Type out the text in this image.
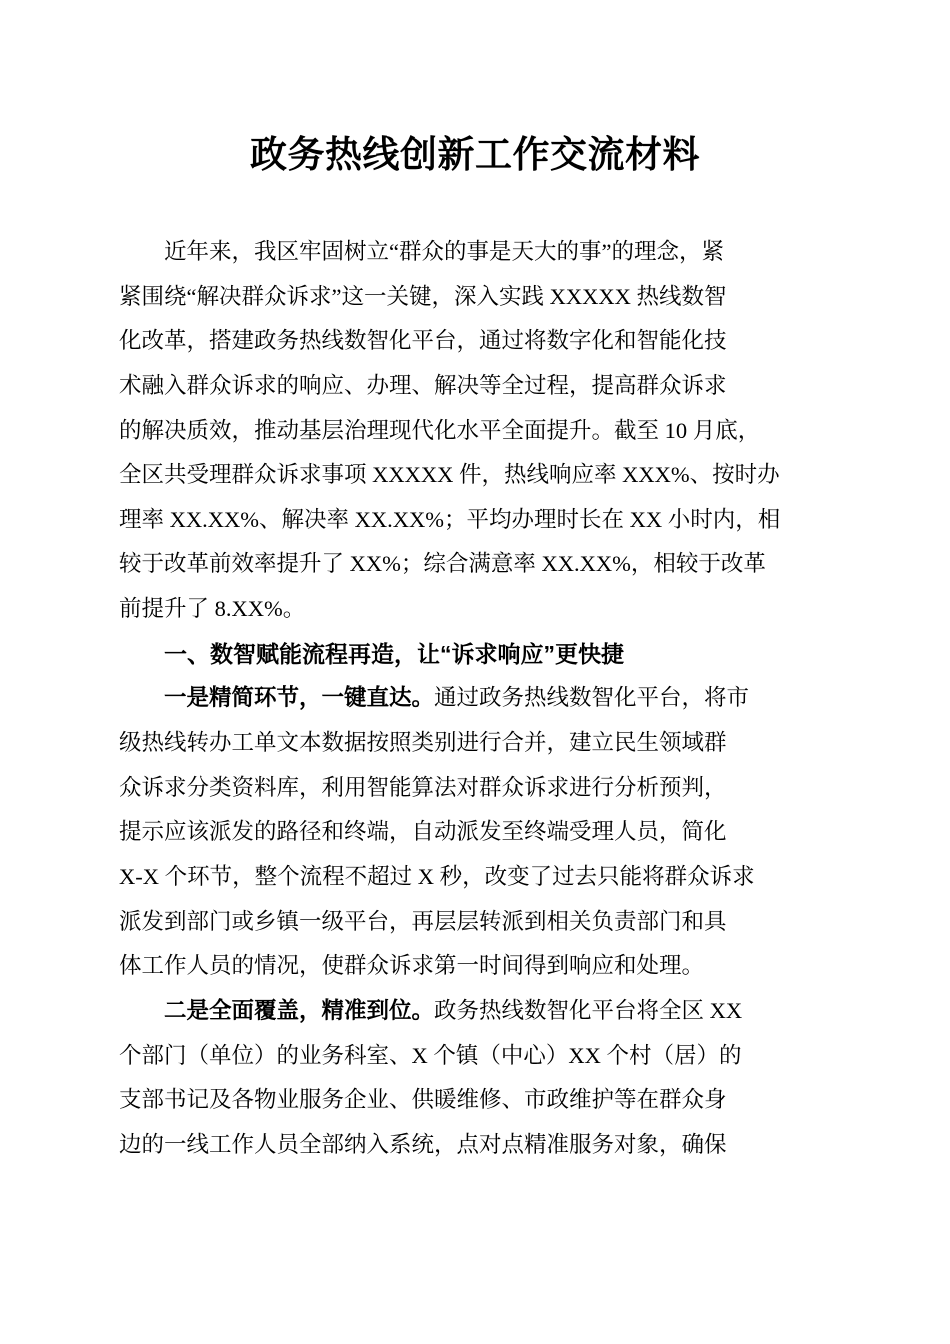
政务热线创新工作交流材料
近年来，我区牢固树立“群众的事是天大的事”的理念，紧
紧围绕“解决群众诉求”这一关键，深入实践 XXXXX 热线数智
化改革，搭建政务热线数智化平台，通过将数字化和智能化技
术融入群众诉求的响应、办理、解决等全过程，提高群众诉求
的解决质效，推动基层治理现代化水平全面提升。截至 10 月底，
全区共受理群众诉求事项 XXXXX 件，热线响应率 XXX%、按时办
理率 XX.XX%、解决率 XX.XX%；平均办理时长在 XX 小时内，相
较于改革前效率提升了 XX%；综合满意率 XX.XX%，相较于改革
前提升了 8.XX%。
一、数智赋能流程再造，让“诉求响应”更快捷
一是精简环节，一键直达。通过政务热线数智化平台，将市
级热线转办工单文本数据按照类别进行合并，建立民生领域群
众诉求分类资料库，利用智能算法对群众诉求进行分析预判，
提示应该派发的路径和终端，自动派发至终端受理人员，简化
X-X 个环节，整个流程不超过 X 秒，改变了过去只能将群众诉求
派发到部门或乡镇一级平台，再层层转派到相关负责部门和具
体工作人员的情况，使群众诉求第一时间得到响应和处理。
二是全面覆盖，精准到位。政务热线数智化平台将全区 XX
个部门（单位）的业务科室、X 个镇（中心）XX 个村（居）的
支部书记及各物业服务企业、供暖维修、市政维护等在群众身
边的一线工作人员全部纳入系统，点对点精准服务对象，确保
